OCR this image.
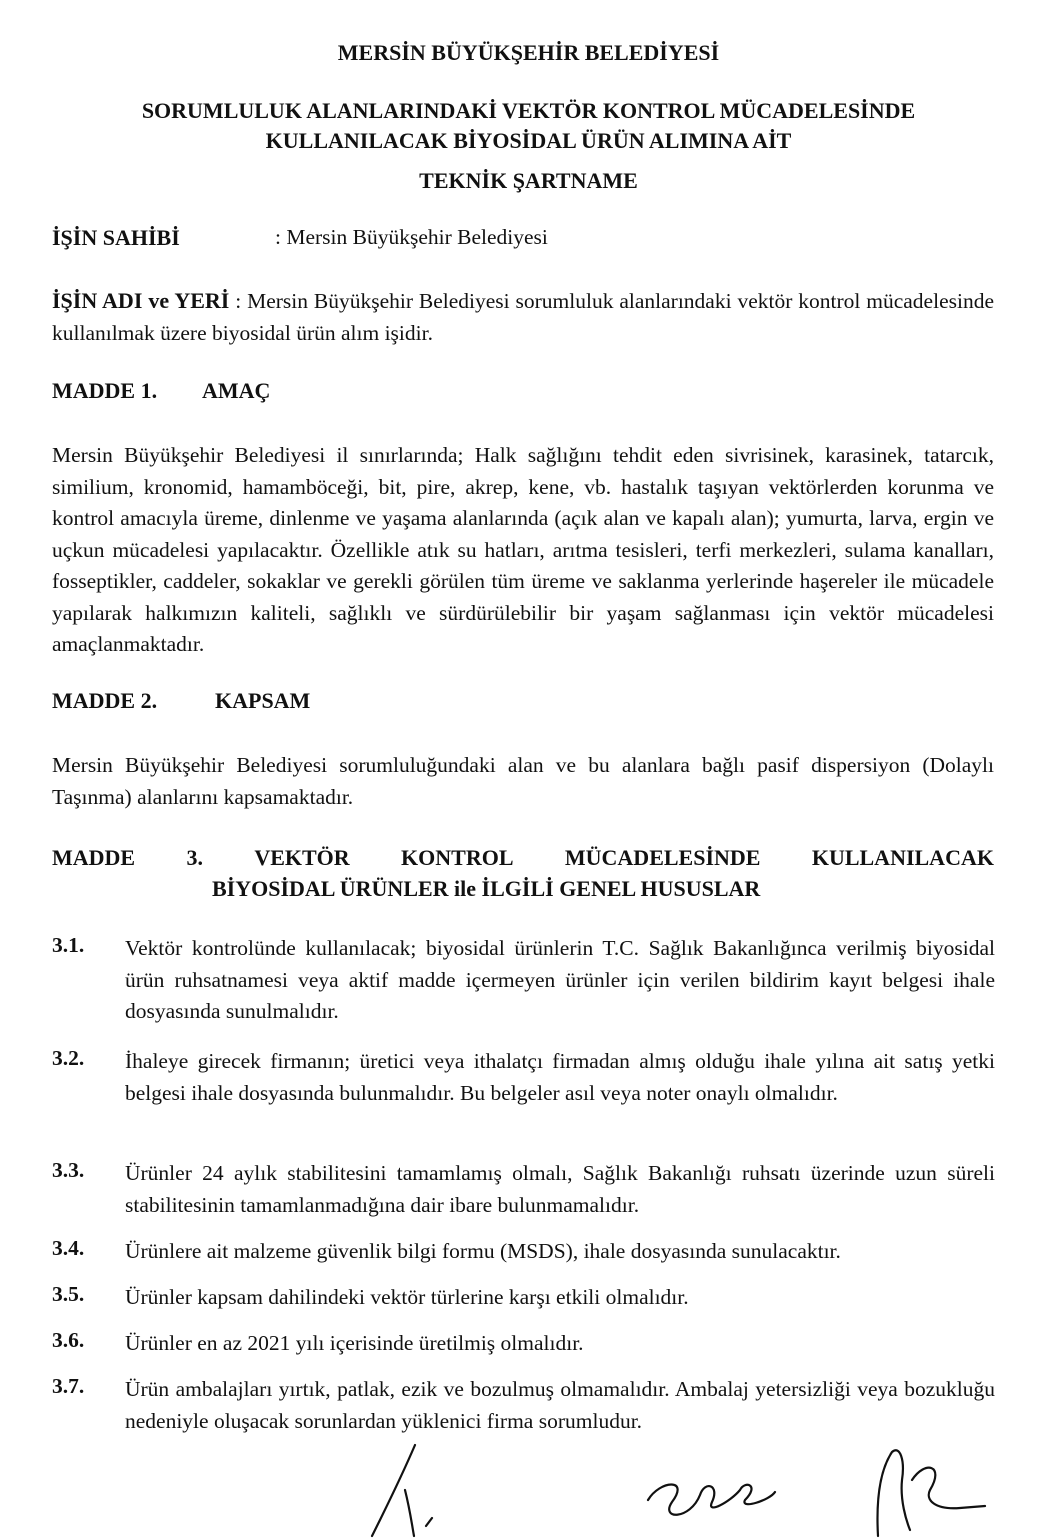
MERSİN BÜYÜKŞEHİR BELEDİYESİ
SORUMLULUK ALANLARINDAKİ VEKTÖR KONTROL MÜCADELESİNDE
KULLANILACAK BİYOSİDAL ÜRÜN ALIMINA AİT
TEKNİK ŞARTNAME
İŞİN SAHİBİ	: Mersin Büyükşehir Belediyesi
İŞİN ADI ve YERİ : Mersin Büyükşehir Belediyesi sorumluluk alanlarındaki vektör kontrol mücadelesinde kullanılmak üzere biyosidal ürün alım işidir.
MADDE 1. AMAÇ
Mersin Büyükşehir Belediyesi il sınırlarında; Halk sağlığını tehdit eden sivrisinek, karasinek, tatarcık, similium, kronomid, hamamböceği, bit, pire, akrep, kene, vb. hastalık taşıyan vektörlerden korunma ve kontrol amacıyla üreme, dinlenme ve yaşama alanlarında (açık alan ve kapalı alan); yumurta, larva, ergin ve uçkun mücadelesi yapılacaktır. Özellikle atık su hatları, arıtma tesisleri, terfi merkezleri, sulama kanalları, fosseptikler, caddeler, sokaklar ve gerekli görülen tüm üreme ve saklanma yerlerinde haşereler ile mücadele yapılarak halkımızın kaliteli, sağlıklı ve sürdürülebilir bir yaşam sağlanması için vektör mücadelesi amaçlanmaktadır.
MADDE 2.	KAPSAM
Mersin Büyükşehir Belediyesi sorumluluğundaki alan ve bu alanlara bağlı pasif dispersiyon (Dolaylı Taşınma) alanlarını kapsamaktadır.
MADDE 3. VEKTÖR KONTROL MÜCADELESİNDE KULLANILACAK
BİYOSİDAL ÜRÜNLER ile İLGİLİ GENEL HUSUSLAR
3.1. Vektör kontrolünde kullanılacak; biyosidal ürünlerin T.C. Sağlık Bakanlığınca verilmiş biyosidal ürün ruhsatnamesi veya aktif madde içermeyen ürünler için verilen bildirim kayıt belgesi ihale dosyasında sunulmalıdır.
3.2. İhaleye girecek firmanın; üretici veya ithalatçı firmadan almış olduğu ihale yılına ait satış yetki belgesi ihale dosyasında bulunmalıdır. Bu belgeler asıl veya noter onaylı olmalıdır.
3.3. Ürünler 24 aylık stabilitesini tamamlamış olmalı, Sağlık Bakanlığı ruhsatı üzerinde uzun süreli stabilitesinin tamamlanmadığına dair ibare bulunmamalıdır.
3.4. Ürünlere ait malzeme güvenlik bilgi formu (MSDS), ihale dosyasında sunulacaktır.
3.5. Ürünler kapsam dahilindeki vektör türlerine karşı etkili olmalıdır.
3.6. Ürünler en az 2021 yılı içerisinde üretilmiş olmalıdır.
3.7. Ürün ambalajları yırtık, patlak, ezik ve bozulmuş olmamalıdır. Ambalaj yetersizliği veya bozukluğu nedeniyle oluşacak sorunlardan yüklenici firma sorumludur.
